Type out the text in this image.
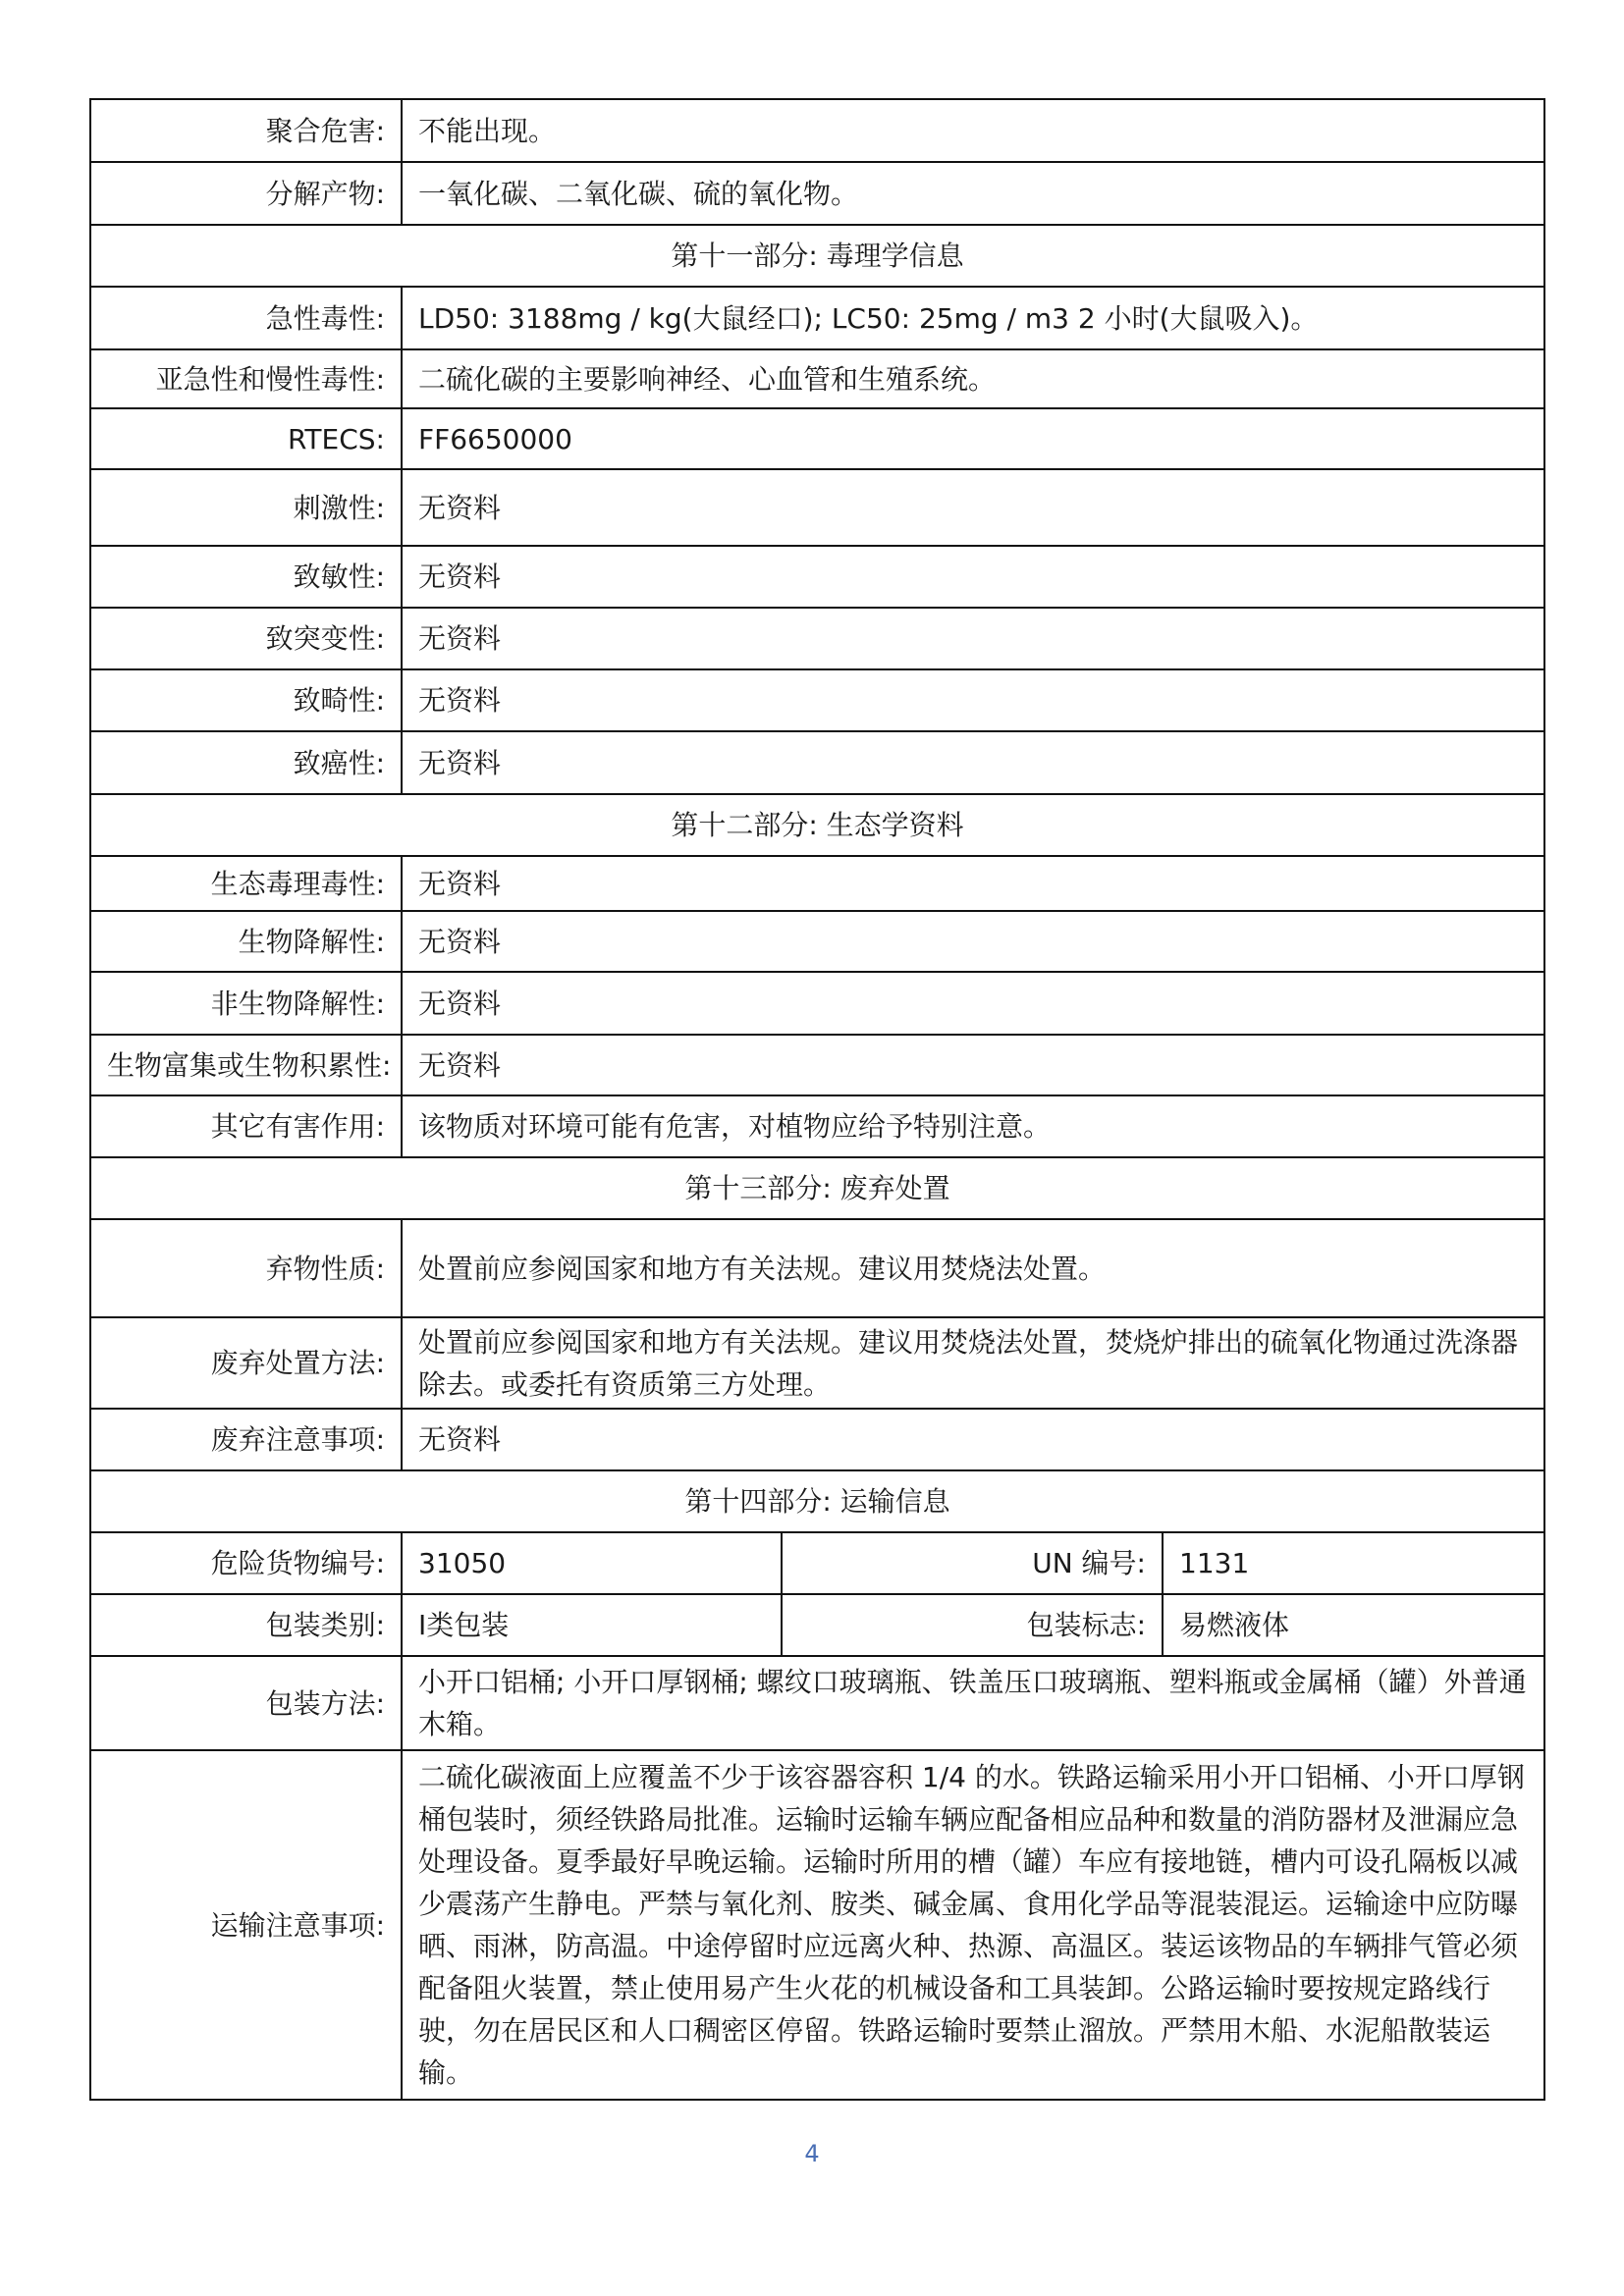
聚合危害:	不能出现。		
分解产物:	一氧化碳、二氧化碳、硫的氧化物。		
第十一部分: 毒理学信息			
急性毒性:	LD50: 3188mg / kg(大鼠经口); LC50: 25mg / m3 2 小时(大鼠吸入)。		
亚急性和慢性毒性:	二硫化碳的主要影响神经、心血管和生殖系统。		
RTECS:	FF6650000		
刺激性:	无资料		
致敏性:	无资料		
致突变性:	无资料		
致畸性:	无资料		
致癌性:	无资料		
第十二部分: 生态学资料			
生态毒理毒性:	无资料		
生物降解性:	无资料		
非生物降解性:	无资料		
生物富集或生物积累性:	无资料		
其它有害作用:	该物质对环境可能有危害，对植物应给予特别注意。		
第十三部分: 废弃处置			
弃物性质:	处置前应参阅国家和地方有关法规。建议用焚烧法处置。		
废弃处置方法:	处置前应参阅国家和地方有关法规。建议用焚烧法处置，焚烧炉排出的硫氧化物通过洗涤器除去。或委托有资质第三方处理。		
废弃注意事项:	无资料		
第十四部分: 运输信息			
危险货物编号:	31050	UN 编号:	1131
包装类别:	Ⅰ类包装	包装标志:	易燃液体
包装方法:	小开口铝桶; 小开口厚钢桶; 螺纹口玻璃瓶、铁盖压口玻璃瓶、塑料瓶或金属桶（罐）外普通木箱。		
运输注意事项:	二硫化碳液面上应覆盖不少于该容器容积 1/4 的水。铁路运输采用小开口铝桶、小开口厚钢桶包装时，须经铁路局批准。运输时运输车辆应配备相应品种和数量的消防器材及泄漏应急处理设备。夏季最好早晚运输。运输时所用的槽（罐）车应有接地链，槽内可设孔隔板以减少震荡产生静电。严禁与氧化剂、胺类、碱金属、食用化学品等混装混运。运输途中应防曝晒、雨淋，防高温。中途停留时应远离火种、热源、高温区。装运该物品的车辆排气管必须配备阻火装置，禁止使用易产生火花的机械设备和工具装卸。公路运输时要按规定路线行驶，勿在居民区和人口稠密区停留。铁路运输时要禁止溜放。严禁用木船、水泥船散装运输。		
4
